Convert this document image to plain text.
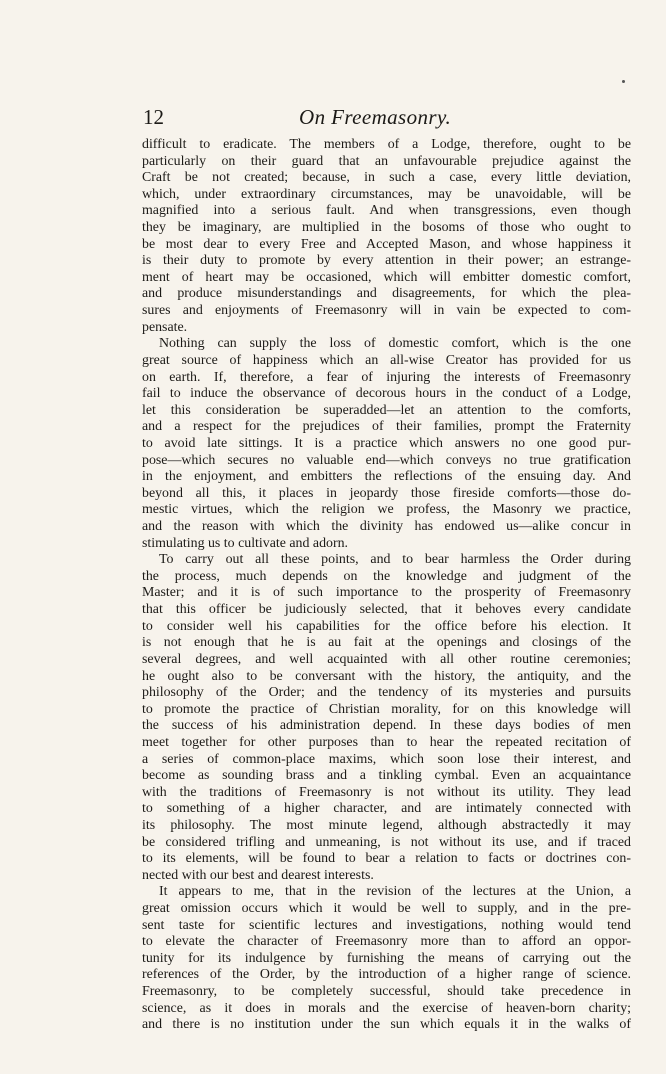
12	On Freemasonry.
difficult to eradicate. The members of a Lodge, therefore, ought to be
particularly on their guard that an unfavourable prejudice against the
Craft be not created; because, in such a case, every little deviation,
which, under extraordinary circumstances, may be unavoidable, will be
magnified into a serious fault. And when transgressions, even though
they be imaginary, are multiplied in the bosoms of those who ought to
be most dear to every Free and Accepted Mason, and whose happiness it
is their duty to promote by every attention in their power; an estrange-
ment of heart may be occasioned, which will embitter domestic comfort,
and produce misunderstandings and disagreements, for which the plea-
sures and enjoyments of Freemasonry will in vain be expected to com-
pensate.
Nothing can supply the loss of domestic comfort, which is the one
great source of happiness which an all-wise Creator has provided for us
on earth. If, therefore, a fear of injuring the interests of Freemasonry
fail to induce the observance of decorous hours in the conduct of a Lodge,
let this consideration be superadded—let an attention to the comforts,
and a respect for the prejudices of their families, prompt the Fraternity
to avoid late sittings. It is a practice which answers no one good pur-
pose—which secures no valuable end—which conveys no true gratification
in the enjoyment, and embitters the reflections of the ensuing day. And
beyond all this, it places in jeopardy those fireside comforts—those do-
mestic virtues, which the religion we profess, the Masonry we practice,
and the reason with which the divinity has endowed us—alike concur in
stimulating us to cultivate and adorn.
To carry out all these points, and to bear harmless the Order during
the process, much depends on the knowledge and judgment of the
Master; and it is of such importance to the prosperity of Freemasonry
that this officer be judiciously selected, that it behoves every candidate
to consider well his capabilities for the office before his election. It
is not enough that he is au fait at the openings and closings of the
several degrees, and well acquainted with all other routine ceremonies;
he ought also to be conversant with the history, the antiquity, and the
philosophy of the Order; and the tendency of its mysteries and pursuits
to promote the practice of Christian morality, for on this knowledge will
the success of his administration depend. In these days bodies of men
meet together for other purposes than to hear the repeated recitation of
a series of common-place maxims, which soon lose their interest, and
become as sounding brass and a tinkling cymbal. Even an acquaintance
with the traditions of Freemasonry is not without its utility. They lead
to something of a higher character, and are intimately connected with
its philosophy. The most minute legend, although abstractedly it may
be considered trifling and unmeaning, is not without its use, and if traced
to its elements, will be found to bear a relation to facts or doctrines con-
nected with our best and dearest interests.
It appears to me, that in the revision of the lectures at the Union, a
great omission occurs which it would be well to supply, and in the pre-
sent taste for scientific lectures and investigations, nothing would tend
to elevate the character of Freemasonry more than to afford an oppor-
tunity for its indulgence by furnishing the means of carrying out the
references of the Order, by the introduction of a higher range of science.
Freemasonry, to be completely successful, should take precedence in
science, as it does in morals and the exercise of heaven-born charity;
and there is no institution under the sun which equals it in the walks of
